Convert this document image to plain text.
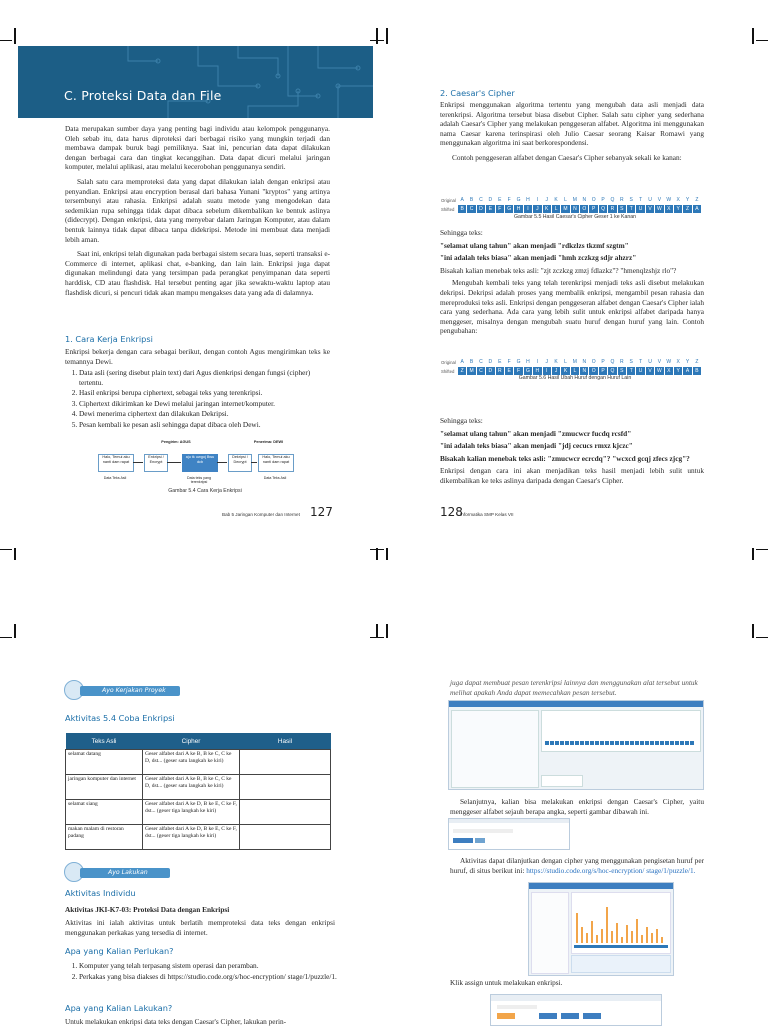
C. Proteksi Data dan File

Data merupakan sumber daya yang penting bagi individu atau kelompok penggunanya. Oleh sebab itu, data harus diproteksi dari berbagai risiko yang mungkin terjadi dan membawa dampak buruk bagi pemiliknya. Saat ini, pencurian data dapat dilakukan dengan berbagai cara dan tingkat kecanggihan. Data dapat dicuri melalui jaringan komputer, melalui aplikasi, atau melalui kecerobohan penggunanya sendiri.

Salah satu cara memproteksi data yang dapat dilakukan ialah dengan enkripsi atau penyandian. Enkripsi atau encryption berasal dari bahasa Yunani "kryptos" yang artinya tersembunyi atau rahasia. Enkripsi adalah suatu metode yang mengodekan data sedemikian rupa sehingga tidak dapat dibaca sebelum dikembalikan ke bentuk aslinya (didecrypt). Dengan enkripsi, data yang menyebar dalam Jaringan Komputer, atau dalam bentuk lainnya tidak dapat dibaca tanpa didekripsi. Metode ini membuat data menjadi lebih aman.

Saat ini, enkripsi telah digunakan pada berbagai sistem secara luas, seperti transaksi e-Commerce di internet, aplikasi chat, e-banking, dan lain lain. Enkripsi juga dapat digunakan melindungi data yang tersimpan pada perangkat penyimpanan data seperti harddisk, CD atau flashdisk. Hal tersebut penting agar jika sewaktu-waktu laptop atau flashdisk dicuri, si pencuri tidak akan mampu mengakses data yang ada di dalamnya.

1. Cara Kerja Enkripsi

Enkripsi bekerja dengan cara sebagai berikut, dengan contoh Agus mengirimkan teks ke temannya Dewi.

1. Data asli (sering disebut plain text) dari Agus dienkripsi dengan fungsi (cipher) tertentu.
2. Hasil enkripsi berupa ciphertext, sebagai teks yang terenkripsi.
3. Ciphertext dikirimkan ke Dewi melalui jaringan internet/komputer.
4. Dewi menerima ciphertext dan dilakukan Dekripsi.
5. Pesan kembali ke pesan asli sehingga dapat dibaca oleh Dewi.
Pengirim: AGUS	Penerima: DEWI
Halo, Temui aku nanti dam rapat
Enkripsi / Encrypt
aju tk uwgoj Bwu dcb
Dekripsi / Decrypt
Halo, Temui aku nanti dam rapat
Data Teks Asli	Data teks yang terenkripsi
Data Teks Asli
Gambar 5.4 Cara Kerja Enkripsi
Bab 5 Jaringan Komputer dan Internet 127
2. Caesar's Cipher

Enkripsi menggunakan algoritma tertentu yang mengubah data asli menjadi data terenkripsi. Algoritma tersebut biasa disebut Cipher. Salah satu cipher yang sederhana adalah Caesar's Cipher yang melakukan penggeseran alfabet. Algoritma ini menggunakan nama Caesar karena terinspirasi oleh Julio Caesar seorang Kaisar Romawi yang menggunakan algoritma ini saat berkorespondensi.

Contoh penggeseran alfabet dengan Caesar's Cipher sebanyak sekali ke kanan:

Original A	B	C	D	E	F	G	H	I	J	K	L	M	N	O	P	Q	R	S	T	U	V	W	X	Y	Z
Shifted	B	C	D	E	F	G	H	I	J	K	L	M	N	O	P	Q	R	S	T	U	V	W	X	Y	Z	A
Gambar 5.5 Hasil Caesar's Cipher Geser 1 ke Kanan

Sehingga teks:

"selamat ulang tahun" akan menjadi "rdkzlzs tkzmf szgtm"

"ini adalah teks biasa" akan menjadi "hmh zczkzg sdjr ahzrz"

Bisakah kalian menebak teks asli: "zjt zczkzg zmzj fdlazkz"? "hmenqlzshjz rlo"?

Mengubah kembali teks yang telah terenkripsi menjadi teks asli disebut melakukan dekripsi. Dekripsi adalah proses yang membalik enkripsi, mengambil pesan rahasia dan mereproduksi teks asli. Enkripsi dengan penggeseran alfabet dengan Caesar's Cipher ialah cara yang sederhana. Ada cara yang lebih sulit untuk enkripsi alfabet daripada hanya menggeser, misalnya dengan mengubah suatu huruf dengan huruf yang lain. Contoh pengubahan:

Original A	B	C	D	E	F	G	H	I	J	K	L	M	N	O	P	Q	R	S	T	U	V	W	X	Y	Z
Shifted	Z	M	C	D	R	E	F	G	H	I	J	K	L	N	O	P	Q	S	T	U	V	W	X	Y	A	B
Gambar 5.6 Hasil Ubah Huruf dengan Huruf Lain

Sehingga teks:

"selamat ulang tahun" akan menjadi "zmucwcr fucdq rcsfd"

"ini adalah teks biasa" akan menjadi "jdj cecucs rmxz kjczc"

Bisakah kalian menebak teks asli: "zmucwcr ecrcdq"? "wcxcd gcqj zfecs zjcg"?

Enkripsi dengan cara ini akan menjadikan teks hasil menjadi lebih sulit untuk dikembalikan ke teks aslinya daripada dengan Caesar's Cipher.

128
Informatika SMP Kelas VII
Ayo Kerjakan Proyek
Aktivitas 5.4 Coba Enkripsi
Teks Asli	Cipher	Hasil
selamat datang	Geser alfabet dari A ke B, B ke C, C ke D, dst... (geser satu langkah ke kiri)	
jaringan komputer dan internet	Geser alfabet dari A ke B, B ke C, C ke D, dst... (geser satu langkah ke kiri)	
selamat siang	Geser alfabet dari A ke D, B ke E, C ke F, dst... (geser tiga langkah ke kiri)	
makan malam di restoran padang	Geser alfabet dari A ke D, B ke E, C ke F, dst... (geser tiga langkah ke kiri)	
Ayo Lakukan
Aktivitas Individu
Aktivitas JKI-K7-03: Proteksi Data dengan Enkripsi
Aktivitas ini ialah aktivitas untuk berlatih memproteksi data teks dengan enkripsi menggunakan perkakas yang tersedia di internet.
Apa yang Kalian Perlukan?
1. Komputer yang telah terpasang sistem operasi dan peramban.
2. Perkakas yang bisa diakses di https://studio.code.org/s/hoc-encryption/ stage/1/puzzle/1.
Apa yang Kalian Lakukan?
Untuk melakukan enkripsi data teks dengan Caesar's Cipher, lakukan perin-
juga dapat membuat pesan terenkripsi lainnya dan menggunakan alat tersebut untuk melihat apakah Anda dapat memecahkan pesan tersebut.
Selanjutnya, kalian bisa melakukan enkripsi dengan Caesar's Cipher, yaitu menggeser alfabet sejauh berapa angka, seperti gambar dibawah ini.
Aktivitas dapat dilanjutkan dengan cipher yang menggunakan pengisetan huruf per huruf, di situs berikut ini: https://studio.code.org/s/hoc-encryption/ stage/1/puzzle/1.
Klik assign untuk melakukan enkripsi.
